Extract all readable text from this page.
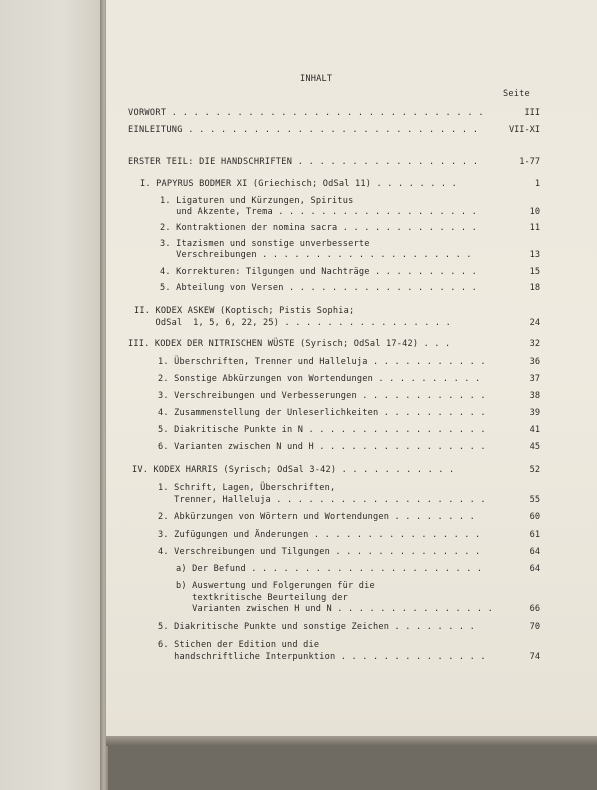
INHALT
Seite
VORWORT . . . . . . . . . . . . . . . . . . . . . . . . . . . . .	III
EINLEITUNG . . . . . . . . . . . . . . . . . . . . . . . . . . .	VII-XI
ERSTER TEIL: DIE HANDSCHRIFTEN . . . . . . . . . . . . . . . . .	1-77
I. PAPYRUS BODMER XI (Griechisch; OdSal 11) . . . . . . . .	1
1. Ligaturen und Kürzungen, Spiritus
und Akzente, Trema . . . . . . . . . . . . . . . . . . .	10
2. Kontraktionen der nomina sacra . . . . . . . . . . . . .	11
3. Itazismen und sonstige unverbesserte
Verschreibungen . . . . . . . . . . . . . . . . . . . .	13
4. Korrekturen: Tilgungen und Nachträge . . . . . . . . . .	15
5. Abteilung von Versen . . . . . . . . . . . . . . . . . .	18
II. KODEX ASKEW (Koptisch; Pistis Sophia;
OdSal  1, 5, 6, 22, 25) . . . . . . . . . . . . . . . .	24
III. KODEX DER NITRISCHEN WÜSTE (Syrisch; OdSal 17-42) . . .	32
1. Überschriften, Trenner und Halleluja . . . . . . . . . . .	36
2. Sonstige Abkürzungen von Wortendungen . . . . . . . . . .	37
3. Verschreibungen und Verbesserungen . . . . . . . . . . . .	38
4. Zusammenstellung der Unleserlichkeiten . . . . . . . . . .	39
5. Diakritische Punkte in N . . . . . . . . . . . . . . . . .	41
6. Varianten zwischen N und H . . . . . . . . . . . . . . . .	45
IV. KODEX HARRIS (Syrisch; OdSal 3-42) . . . . . . . . . . .	52
1. Schrift, Lagen, Überschriften,
Trenner, Halleluja . . . . . . . . . . . . . . . . . . . .	55
2. Abkürzungen von Wörtern und Wortendungen . . . . . . . .	60
3. Zufügungen und Änderungen . . . . . . . . . . . . . . . .	61
4. Verschreibungen und Tilgungen . . . . . . . . . . . . . .	64
a) Der Befund . . . . . . . . . . . . . . . . . . . . . .	64
b) Auswertung und Folgerungen für die
textkritische Beurteilung der
Varianten zwischen H und N . . . . . . . . . . . . . . .	66
5. Diakritische Punkte und sonstige Zeichen . . . . . . . .	70
6. Stichen der Edition und die
handschriftliche Interpunktion . . . . . . . . . . . . . .	74
